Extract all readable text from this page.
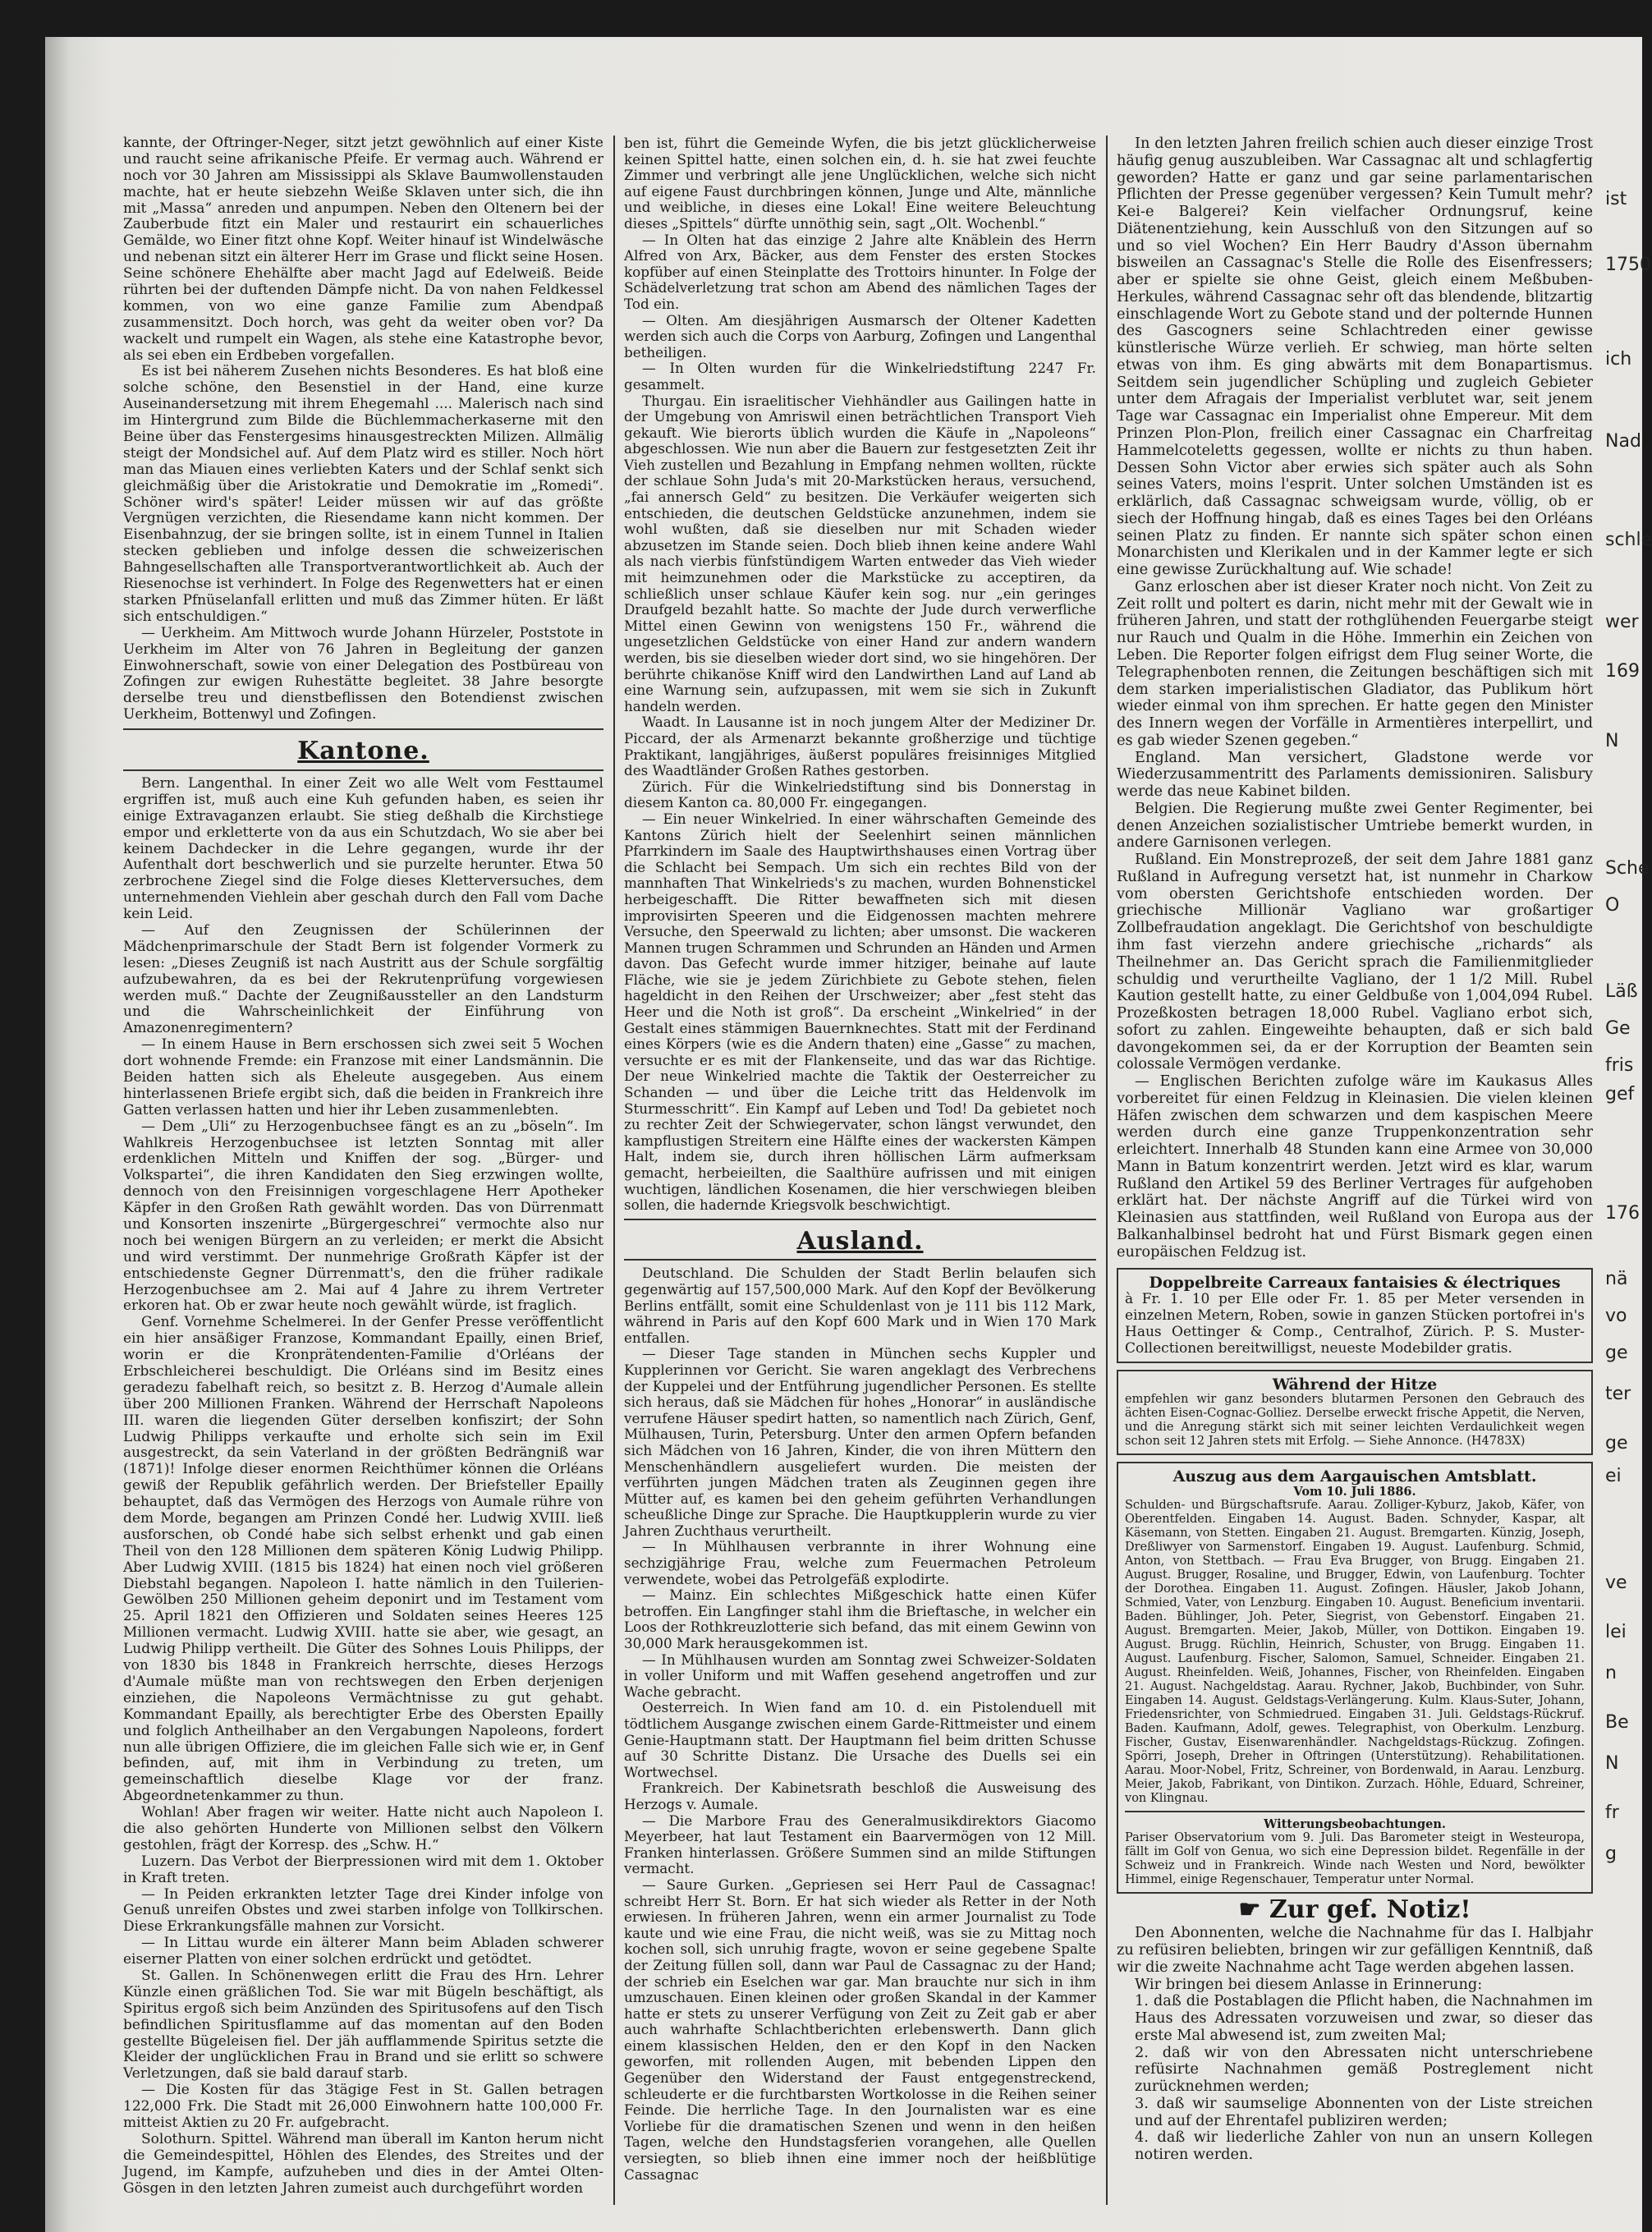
kannte, der Oftringer-Neger, sitzt jetzt gewöhnlich auf einer Kiste und raucht seine afrikanische Pfeife. Er vermag auch. Während er noch vor 30 Jahren am Mississippi als Sklave Baumwollenstauden machte, hat er heute siebzehn Weiße Sklaven unter sich, die ihn mit „Massa“ anreden und anpumpen. Neben den Oltenern bei der Zauberbude fitzt ein Maler und restaurirt ein schauerliches Gemälde, wo Einer fitzt ohne Kopf. Weiter hinauf ist Windelwäsche und nebenan sitzt ein älterer Herr im Grase und flickt seine Hosen. Seine schönere Ehehälfte aber macht Jagd auf Edelweiß. Beide rührten bei der duftenden Dämpfe nicht. Da von nahen Feldkessel kommen, von wo eine ganze Familie zum Abendpaß zusammensitzt. Doch horch, was geht da weiter oben vor? Da wackelt und rumpelt ein Wagen, als stehe eine Katastrophe bevor, als sei eben ein Erdbeben vorgefallen.

Es ist bei näherem Zusehen nichts Besonderes. Es hat bloß eine solche schöne, den Besenstiel in der Hand, eine kurze Auseinandersetzung mit ihrem Ehegemahl .... Malerisch nach sind im Hintergrund zum Bilde die Büchlemmacherkaserne mit den Beine über das Fenstergesims hinausgestreckten Milizen. Allmälig steigt der Mondsichel auf. Auf dem Platz wird es stiller. Noch hört man das Miauen eines verliebten Katers und der Schlaf senkt sich gleichmäßig über die Aristokratie und Demokratie im „Romedi“. Schöner wird's später! Leider müssen wir auf das größte Vergnügen verzichten, die Riesendame kann nicht kommen. Der Eisenbahnzug, der sie bringen sollte, ist in einem Tunnel in Italien stecken geblieben und infolge dessen die schweizerischen Bahngesellschaften alle Transportverantwortlichkeit ab. Auch der Riesenochse ist verhindert. In Folge des Regenwetters hat er einen starken Pfnüselanfall erlitten und muß das Zimmer hüten. Er läßt sich entschuldigen.“

— Uerkheim. Am Mittwoch wurde Johann Hürzeler, Poststote in Uerkheim im Alter von 76 Jahren in Begleitung der ganzen Einwohnerschaft, sowie von einer Delegation des Postbüreau von Zofingen zur ewigen Ruhestätte begleitet. 38 Jahre besorgte derselbe treu und dienstbeflissen den Botendienst zwischen Uerkheim, Bottenwyl und Zofingen.

Kantone.

Bern. Langenthal. In einer Zeit wo alle Welt vom Festtaumel ergriffen ist, muß auch eine Kuh gefunden haben, es seien ihr einige Extravaganzen erlaubt. Sie stieg deßhalb die Kirchstiege empor und erkletterte von da aus ein Schutzdach, Wo sie aber bei keinem Dachdecker in die Lehre gegangen, wurde ihr der Aufenthalt dort beschwerlich und sie purzelte herunter. Etwa 50 zerbrochene Ziegel sind die Folge dieses Kletterversuches, dem unternehmenden Viehlein aber geschah durch den Fall vom Dache kein Leid.

— Auf den Zeugnissen der Schülerinnen der Mädchenprimarschule der Stadt Bern ist folgender Vormerk zu lesen: „Dieses Zeugniß ist nach Austritt aus der Schule sorgfältig aufzubewahren, da es bei der Rekrutenprüfung vorgewiesen werden muß.“ Dachte der Zeugnißaussteller an den Landsturm und die Wahrscheinlichkeit der Einführung von Amazonenregimentern?

— In einem Hause in Bern erschossen sich zwei seit 5 Wochen dort wohnende Fremde: ein Franzose mit einer Landsmännin. Die Beiden hatten sich als Eheleute ausgegeben. Aus einem hinterlassenen Briefe ergibt sich, daß die beiden in Frankreich ihre Gatten verlassen hatten und hier ihr Leben zusammenlebten.

— Dem „Uli“ zu Herzogenbuchsee fängt es an zu „böseln“. Im Wahlkreis Herzogenbuchsee ist letzten Sonntag mit aller erdenklichen Mitteln und Kniffen der sog. „Bürger- und Volkspartei“, die ihren Kandidaten den Sieg erzwingen wollte, dennoch von den Freisinnigen vorgeschlagene Herr Apotheker Käpfer in den Großen Rath gewählt worden. Das von Dürrenmatt und Konsorten inszenirte „Bürgergeschrei“ vermochte also nur noch bei wenigen Bürgern an zu verleiden; er merkt die Absicht und wird verstimmt. Der nunmehrige Großrath Käpfer ist der entschiedenste Gegner Dürrenmatt's, den die früher radikale Herzogenbuchsee am 2. Mai auf 4 Jahre zu ihrem Vertreter erkoren hat. Ob er zwar heute noch gewählt würde, ist fraglich.

Genf. Vornehme Schelmerei. In der Genfer Presse veröffentlicht ein hier ansäßiger Franzose, Kommandant Epailly, einen Brief, worin er die Kronprätendenten-Familie d'Orléans der Erbschleicherei beschuldigt. Die Orléans sind im Besitz eines geradezu fabelhaft reich, so besitzt z. B. Herzog d'Aumale allein über 200 Millionen Franken. Während der Herrschaft Napoleons III. waren die liegenden Güter derselben konfiszirt; der Sohn Ludwig Philipps verkaufte und erholte sich sein im Exil ausgestreckt, da sein Vaterland in der größten Bedrängniß war (1871)! Infolge dieser enormen Reichthümer können die Orléans gewiß der Republik gefährlich werden. Der Briefsteller Epailly behauptet, daß das Vermögen des Herzogs von Aumale rühre von dem Morde, begangen am Prinzen Condé her. Ludwig XVIII. ließ ausforschen, ob Condé habe sich selbst erhenkt und gab einen Theil von den 128 Millionen dem späteren König Ludwig Philipp. Aber Ludwig XVIII. (1815 bis 1824) hat einen noch viel größeren Diebstahl begangen. Napoleon I. hatte nämlich in den Tuilerien-Gewölben 250 Millionen geheim deponirt und im Testament vom 25. April 1821 den Offizieren und Soldaten seines Heeres 125 Millionen vermacht. Ludwig XVIII. hatte sie aber, wie gesagt, an Ludwig Philipp vertheilt. Die Güter des Sohnes Louis Philipps, der von 1830 bis 1848 in Frankreich herrschte, dieses Herzogs d'Aumale müßte man von rechtswegen den Erben derjenigen einziehen, die Napoleons Vermächtnisse zu gut gehabt. Kommandant Epailly, als berechtigter Erbe des Obersten Epailly und folglich Antheilhaber an den Vergabungen Napoleons, fordert nun alle übrigen Offiziere, die im gleichen Falle sich wie er, in Genf befinden, auf, mit ihm in Verbindung zu treten, um gemeinschaftlich dieselbe Klage vor der franz. Abgeordnetenkammer zu thun.

Wohlan! Aber fragen wir weiter. Hatte nicht auch Napoleon I. die also gehörten Hunderte von Millionen selbst den Völkern gestohlen, frägt der Korresp. des „Schw. H.“

Luzern. Das Verbot der Bierpressionen wird mit dem 1. Oktober in Kraft treten.

— In Peiden erkrankten letzter Tage drei Kinder infolge von Genuß unreifen Obstes und zwei starben infolge von Tollkirschen. Diese Erkrankungsfälle mahnen zur Vorsicht.

— In Littau wurde ein älterer Mann beim Abladen schwerer eiserner Platten von einer solchen erdrückt und getödtet.

St. Gallen. In Schönenwegen erlitt die Frau des Hrn. Lehrer Künzle einen gräßlichen Tod. Sie war mit Bügeln beschäftigt, als Spiritus ergoß sich beim Anzünden des Spiritusofens auf den Tisch befindlichen Spiritusflamme auf das momentan auf den Boden gestellte Bügeleisen fiel. Der jäh aufflammende Spiritus setzte die Kleider der unglücklichen Frau in Brand und sie erlitt so schwere Verletzungen, daß sie bald darauf starb.

— Die Kosten für das 3tägige Fest in St. Gallen betragen 122,000 Frk. Die Stadt mit 26,000 Einwohnern hatte 100,000 Fr. mitteist Aktien zu 20 Fr. aufgebracht.

Solothurn. Spittel. Während man überall im Kanton herum nicht die Gemeindespittel, Höhlen des Elendes, des Streites und der Jugend, im Kampfe, aufzuheben und dies in der Amtei Olten-Gösgen in den letzten Jahren zumeist auch durchgeführt worden

ben ist, führt die Gemeinde Wyfen, die bis jetzt glücklicherweise keinen Spittel hatte, einen solchen ein, d. h. sie hat zwei feuchte Zimmer und verbringt alle jene Unglücklichen, welche sich nicht auf eigene Faust durchbringen können, Junge und Alte, männliche und weibliche, in dieses eine Lokal! Eine weitere Beleuchtung dieses „Spittels“ dürfte unnöthig sein, sagt „Olt. Wochenbl.“

— In Olten hat das einzige 2 Jahre alte Knäblein des Herrn Alfred von Arx, Bäcker, aus dem Fenster des ersten Stockes kopfüber auf einen Steinplatte des Trottoirs hinunter. In Folge der Schädelverletzung trat schon am Abend des nämlichen Tages der Tod ein.

— Olten. Am diesjährigen Ausmarsch der Oltener Kadetten werden sich auch die Corps von Aarburg, Zofingen und Langenthal betheiligen.

— In Olten wurden für die Winkelriedstiftung 2247 Fr. gesammelt.

Thurgau. Ein israelitischer Viehhändler aus Gailingen hatte in der Umgebung von Amriswil einen beträchtlichen Transport Vieh gekauft. Wie bierorts üblich wurden die Käufe in „Napoleons“ abgeschlossen. Wie nun aber die Bauern zur festgesetzten Zeit ihr Vieh zustellen und Bezahlung in Empfang nehmen wollten, rückte der schlaue Sohn Juda's mit 20-Markstücken heraus, versuchend, „fai annersch Geld“ zu besitzen. Die Verkäufer weigerten sich entschieden, die deutschen Geldstücke anzunehmen, indem sie wohl wußten, daß sie dieselben nur mit Schaden wieder abzusetzen im Stande seien. Doch blieb ihnen keine andere Wahl als nach vierbis fünfstündigem Warten entweder das Vieh wieder mit heimzunehmen oder die Markstücke zu acceptiren, da schließlich unser schlaue Käufer kein sog. nur „ein geringes Draufgeld bezahlt hatte. So machte der Jude durch verwerfliche Mittel einen Gewinn von wenigstens 150 Fr., während die ungesetzlichen Geldstücke von einer Hand zur andern wandern werden, bis sie dieselben wieder dort sind, wo sie hingehören. Der berührte chikanöse Kniff wird den Landwirthen Land auf Land ab eine Warnung sein, aufzupassen, mit wem sie sich in Zukunft handeln werden.

Waadt. In Lausanne ist in noch jungem Alter der Mediziner Dr. Piccard, der als Armenarzt bekannte großherzige und tüchtige Praktikant, langjähriges, äußerst populäres freisinniges Mitglied des Waadtländer Großen Rathes gestorben.

Zürich. Für die Winkelriedstiftung sind bis Donnerstag in diesem Kanton ca. 80,000 Fr. eingegangen.

— Ein neuer Winkelried. In einer währschaften Gemeinde des Kantons Zürich hielt der Seelenhirt seinen männlichen Pfarrkindern im Saale des Hauptwirthshauses einen Vortrag über die Schlacht bei Sempach. Um sich ein rechtes Bild von der mannhaften That Winkelrieds's zu machen, wurden Bohnenstickel herbeigeschafft. Die Ritter bewaffneten sich mit diesen improvisirten Speeren und die Eidgenossen machten mehrere Versuche, den Speerwald zu lichten; aber umsonst. Die wackeren Mannen trugen Schrammen und Schrunden an Händen und Armen davon. Das Gefecht wurde immer hitziger, beinahe auf laute Fläche, wie sie je jedem Zürichbiete zu Gebote stehen, fielen hageldicht in den Reihen der Urschweizer; aber „fest steht das Heer und die Noth ist groß“. Da erscheint „Winkelried“ in der Gestalt eines stämmigen Bauernknechtes. Statt mit der Ferdinand eines Körpers (wie es die Andern thaten) eine „Gasse“ zu machen, versuchte er es mit der Flankenseite, und das war das Richtige. Der neue Winkelried machte die Taktik der Oesterreicher zu Schanden — und über die Leiche tritt das Heldenvolk im Sturmesschritt“. Ein Kampf auf Leben und Tod! Da gebietet noch zu rechter Zeit der Schwiegervater, schon längst verwundet, den kampflustigen Streitern eine Hälfte eines der wackersten Kämpen Halt, indem sie, durch ihren höllischen Lärm aufmerksam gemacht, herbeieilten, die Saalthüre aufrissen und mit einigen wuchtigen, ländlichen Kosenamen, die hier verschwiegen bleiben sollen, die hadernde Kriegsvolk beschwichtigt.

Ausland.

Deutschland. Die Schulden der Stadt Berlin belaufen sich gegenwärtig auf 157,500,000 Mark. Auf den Kopf der Bevölkerung Berlins entfällt, somit eine Schuldenlast von je 111 bis 112 Mark, während in Paris auf den Kopf 600 Mark und in Wien 170 Mark entfallen.

— Dieser Tage standen in München sechs Kuppler und Kupplerinnen vor Gericht. Sie waren angeklagt des Verbrechens der Kuppelei und der Entführung jugendlicher Personen. Es stellte sich heraus, daß sie Mädchen für hohes „Honorar“ in ausländische verrufene Häuser spedirt hatten, so namentlich nach Zürich, Genf, Mülhausen, Turin, Petersburg. Unter den armen Opfern befanden sich Mädchen von 16 Jahren, Kinder, die von ihren Müttern den Menschenhändlern ausgeliefert wurden. Die meisten der verführten jungen Mädchen traten als Zeuginnen gegen ihre Mütter auf, es kamen bei den geheim geführten Verhandlungen scheußliche Dinge zur Sprache. Die Hauptkupplerin wurde zu vier Jahren Zuchthaus verurtheilt.

— In Mühlhausen verbrannte in ihrer Wohnung eine sechzigjährige Frau, welche zum Feuermachen Petroleum verwendete, wobei das Petrolgefäß explodirte.

— Mainz. Ein schlechtes Mißgeschick hatte einen Küfer betroffen. Ein Langfinger stahl ihm die Brieftasche, in welcher ein Loos der Rothkreuzlotterie sich befand, das mit einem Gewinn von 30,000 Mark herausgekommen ist.

— In Mühlhausen wurden am Sonntag zwei Schweizer-Soldaten in voller Uniform und mit Waffen gesehend angetroffen und zur Wache gebracht.

Oesterreich. In Wien fand am 10. d. ein Pistolenduell mit tödtlichem Ausgange zwischen einem Garde-Rittmeister und einem Genie-Hauptmann statt. Der Hauptmann fiel beim dritten Schusse auf 30 Schritte Distanz. Die Ursache des Duells sei ein Wortwechsel.

Frankreich. Der Kabinetsrath beschloß die Ausweisung des Herzogs v. Aumale.

— Die Marbore Frau des Generalmusikdirektors Giacomo Meyerbeer, hat laut Testament ein Baarvermögen von 12 Mill. Franken hinterlassen. Größere Summen sind an milde Stiftungen vermacht.

— Saure Gurken. „Gepriesen sei Herr Paul de Cassagnac! schreibt Herr St. Born. Er hat sich wieder als Retter in der Noth erwiesen. In früheren Jahren, wenn ein armer Journalist zu Tode kaute und wie eine Frau, die nicht weiß, was sie zu Mittag noch kochen soll, sich unruhig fragte, wovon er seine gegebene Spalte der Zeitung füllen soll, dann war Paul de Cassagnac zu der Hand; der schrieb ein Eselchen war gar. Man brauchte nur sich in ihm umzuschauen. Einen kleinen oder großen Skandal in der Kammer hatte er stets zu unserer Verfügung von Zeit zu Zeit gab er aber auch wahrhafte Schlachtberichten erlebenswerth. Dann glich einem klassischen Helden, den er den Kopf in den Nacken geworfen, mit rollenden Augen, mit bebenden Lippen den Gegenüber den Widerstand der Faust entgegenstreckend, schleuderte er die furchtbarsten Wortkolosse in die Reihen seiner Feinde. Die herrliche Tage. In den Journalisten war es eine Vorliebe für die dramatischen Szenen und wenn in den heißen Tagen, welche den Hundstagsferien vorangehen, alle Quellen versiegten, so blieb ihnen eine immer noch der heißblütige Cassagnac

In den letzten Jahren freilich schien auch dieser einzige Trost häufig genug auszubleiben. War Cassagnac alt und schlagfertig geworden? Hatte er ganz und gar seine parlamentarischen Pflichten der Presse gegenüber vergessen? Kein Tumult mehr? Kei-e Balgerei? Kein vielfacher Ordnungsruf, keine Diätenentziehung, kein Ausschluß von den Sitzungen auf so und so viel Wochen? Ein Herr Baudry d'Asson übernahm bisweilen an Cassagnac's Stelle die Rolle des Eisenfressers; aber er spielte sie ohne Geist, gleich einem Meßbuben-Herkules, während Cassagnac sehr oft das blendende, blitzartig einschlagende Wort zu Gebote stand und der polternde Hunnen des Gascogners seine Schlachtreden einer gewisse künstlerische Würze verlieh. Er schwieg, man hörte selten etwas von ihm. Es ging abwärts mit dem Bonapartismus. Seitdem sein jugendlicher Schüpling und zugleich Gebieter unter dem Afragais der Imperialist verblutet war, seit jenem Tage war Cassagnac ein Imperialist ohne Empereur. Mit dem Prinzen Plon-Plon, freilich einer Cassagnac ein Charfreitag Hammelcoteletts gegessen, wollte er nichts zu thun haben. Dessen Sohn Victor aber erwies sich später auch als Sohn seines Vaters, moins l'esprit. Unter solchen Umständen ist es erklärlich, daß Cassagnac schweigsam wurde, völlig, ob er siech der Hoffnung hingab, daß es eines Tages bei den Orléans seinen Platz zu finden. Er nannte sich später schon einen Monarchisten und Klerikalen und in der Kammer legte er sich eine gewisse Zurückhaltung auf. Wie schade!

Ganz erloschen aber ist dieser Krater noch nicht. Von Zeit zu Zeit rollt und poltert es darin, nicht mehr mit der Gewalt wie in früheren Jahren, und statt der rothglühenden Feuergarbe steigt nur Rauch und Qualm in die Höhe. Immerhin ein Zeichen von Leben. Die Reporter folgen eifrigst dem Flug seiner Worte, die Telegraphenboten rennen, die Zeitungen beschäftigen sich mit dem starken imperialistischen Gladiator, das Publikum hört wieder einmal von ihm sprechen. Er hatte gegen den Minister des Innern wegen der Vorfälle in Armentières interpellirt, und es gab wieder Szenen gegeben.“

England. Man versichert, Gladstone werde vor Wiederzusammentritt des Parlaments demissioniren. Salisbury werde das neue Kabinet bilden.

Belgien. Die Regierung mußte zwei Genter Regimenter, bei denen Anzeichen sozialistischer Umtriebe bemerkt wurden, in andere Garnisonen verlegen.

Rußland. Ein Monstreprozeß, der seit dem Jahre 1881 ganz Rußland in Aufregung versetzt hat, ist nunmehr in Charkow vom obersten Gerichtshofe entschieden worden. Der griechische Millionär Vagliano war großartiger Zollbefraudation angeklagt. Die Gerichtshof von beschuldigte ihm fast vierzehn andere griechische „richards“ als Theilnehmer an. Das Gericht sprach die Familienmitglieder schuldig und verurtheilte Vagliano, der 1 1/2 Mill. Rubel Kaution gestellt hatte, zu einer Geldbuße von 1,004,094 Rubel. Prozeßkosten betragen 18,000 Rubel. Vagliano erbot sich, sofort zu zahlen. Eingeweihte behaupten, daß er sich bald davongekommen sei, da er der Korruption der Beamten sein colossale Vermögen verdanke.

— Englischen Berichten zufolge wäre im Kaukasus Alles vorbereitet für einen Feldzug in Kleinasien. Die vielen kleinen Häfen zwischen dem schwarzen und dem kaspischen Meere werden durch eine ganze Truppenkonzentration sehr erleichtert. Innerhalb 48 Stunden kann eine Armee von 30,000 Mann in Batum konzentrirt werden. Jetzt wird es klar, warum Rußland den Artikel 59 des Berliner Vertrages für aufgehoben erklärt hat. Der nächste Angriff auf die Türkei wird von Kleinasien aus stattfinden, weil Rußland von Europa aus der Balkanhalbinsel bedroht hat und Fürst Bismark gegen einen europäischen Feldzug ist.

Doppelbreite Carreaux fantaisies & électriques
à Fr. 1. 10 per Elle oder Fr. 1. 85 per Meter versenden in einzelnen Metern, Roben, sowie in ganzen Stücken portofrei in's Haus Oettinger & Comp., Centralhof, Zürich. P. S. Muster-Collectionen bereitwilligst, neueste Modebilder gratis.
Während der Hitze
empfehlen wir ganz besonders blutarmen Personen den Gebrauch des ächten Eisen-Cognac-Golliez. Derselbe erweckt frische Appetit, die Nerven, und die Anregung stärkt sich mit seiner leichten Verdaulichkeit wegen schon seit 12 Jahren stets mit Erfolg. — Siehe Annonce. (H4783X)
Auszug aus dem Aargauischen Amtsblatt.
Vom 10. Juli 1886.
Schulden- und Bürgschaftsrufe. Aarau. Zolliger-Kyburz, Jakob, Käfer, von Oberentfelden. Eingaben 14. August. Baden. Schnyder, Kaspar, alt Käsemann, von Stetten. Eingaben 21. August. Bremgarten. Künzig, Joseph, Dreßliwyer von Sarmenstorf. Eingaben 19. August. Laufenburg. Schmid, Anton, von Stettbach. — Frau Eva Brugger, von Brugg. Eingaben 21. August. Brugger, Rosaline, und Brugger, Edwin, von Laufenburg. Tochter der Dorothea. Eingaben 11. August. Zofingen. Häusler, Jakob Johann, Schmied, Vater, von Lenzburg. Eingaben 10. August. Beneficium inventarii. Baden. Bühlinger, Joh. Peter, Siegrist, von Gebenstorf. Eingaben 21. August. Bremgarten. Meier, Jakob, Müller, von Dottikon. Eingaben 19. August. Brugg. Rüchlin, Heinrich, Schuster, von Brugg. Eingaben 11. August. Laufenburg. Fischer, Salomon, Samuel, Schneider. Eingaben 21. August. Rheinfelden. Weiß, Johannes, Fischer, von Rheinfelden. Eingaben 21. August. Nachgeldstag. Aarau. Rychner, Jakob, Buchbinder, von Suhr. Eingaben 14. August. Geldstags-Verlängerung. Kulm. Klaus-Suter, Johann, Friedensrichter, von Schmiedrued. Eingaben 31. Juli. Geldstags-Rückruf. Baden. Kaufmann, Adolf, gewes. Telegraphist, von Oberkulm. Lenzburg. Fischer, Gustav, Eisenwarenhändler. Nachgeldstags-Rückzug. Zofingen. Spörri, Joseph, Dreher in Oftringen (Unterstützung). Rehabilitationen. Aarau. Moor-Nobel, Fritz, Schreiner, von Bordenwald, in Aarau. Lenzburg. Meier, Jakob, Fabrikant, von Dintikon. Zurzach. Höhle, Eduard, Schreiner, von Klingnau.
Witterungsbeobachtungen.
Pariser Observatorium vom 9. Juli. Das Barometer steigt in Westeuropa, fällt im Golf von Genua, wo sich eine Depression bildet. Regenfälle in der Schweiz und in Frankreich. Winde nach Westen und Nord, bewölkter Himmel, einige Regenschauer, Temperatur unter Normal.
☛ Zur gef. Notiz!

Den Abonnenten, welche die Nachnahme für das I. Halbjahr zu refüsiren beliebten, bringen wir zur gefälligen Kenntniß, daß wir die zweite Nachnahme acht Tage werden abgehen lassen.

Wir bringen bei diesem Anlasse in Erinnerung:

1. daß die Postablagen die Pflicht haben, die Nachnahmen im Haus des Adressaten vorzuweisen und zwar, so dieser das erste Mal abwesend ist, zum zweiten Mal;

2. daß wir von den Abressaten nicht unterschriebene refüsirte Nachnahmen gemäß Postreglement nicht zurücknehmen werden;

3. daß wir saumselige Abonnenten von der Liste streichen und auf der Ehrentafel publiziren werden;

4. daß wir liederliche Zahler von nun an unsern Kollegen notiren werden.

ist
1750
ich
Nad
schle
wer
169
N
Sche
O
Läß
Ge
fris
gef
176
nä
vo
ge
ter
ge
ei
ve
lei
n
Be
N
fr
g
